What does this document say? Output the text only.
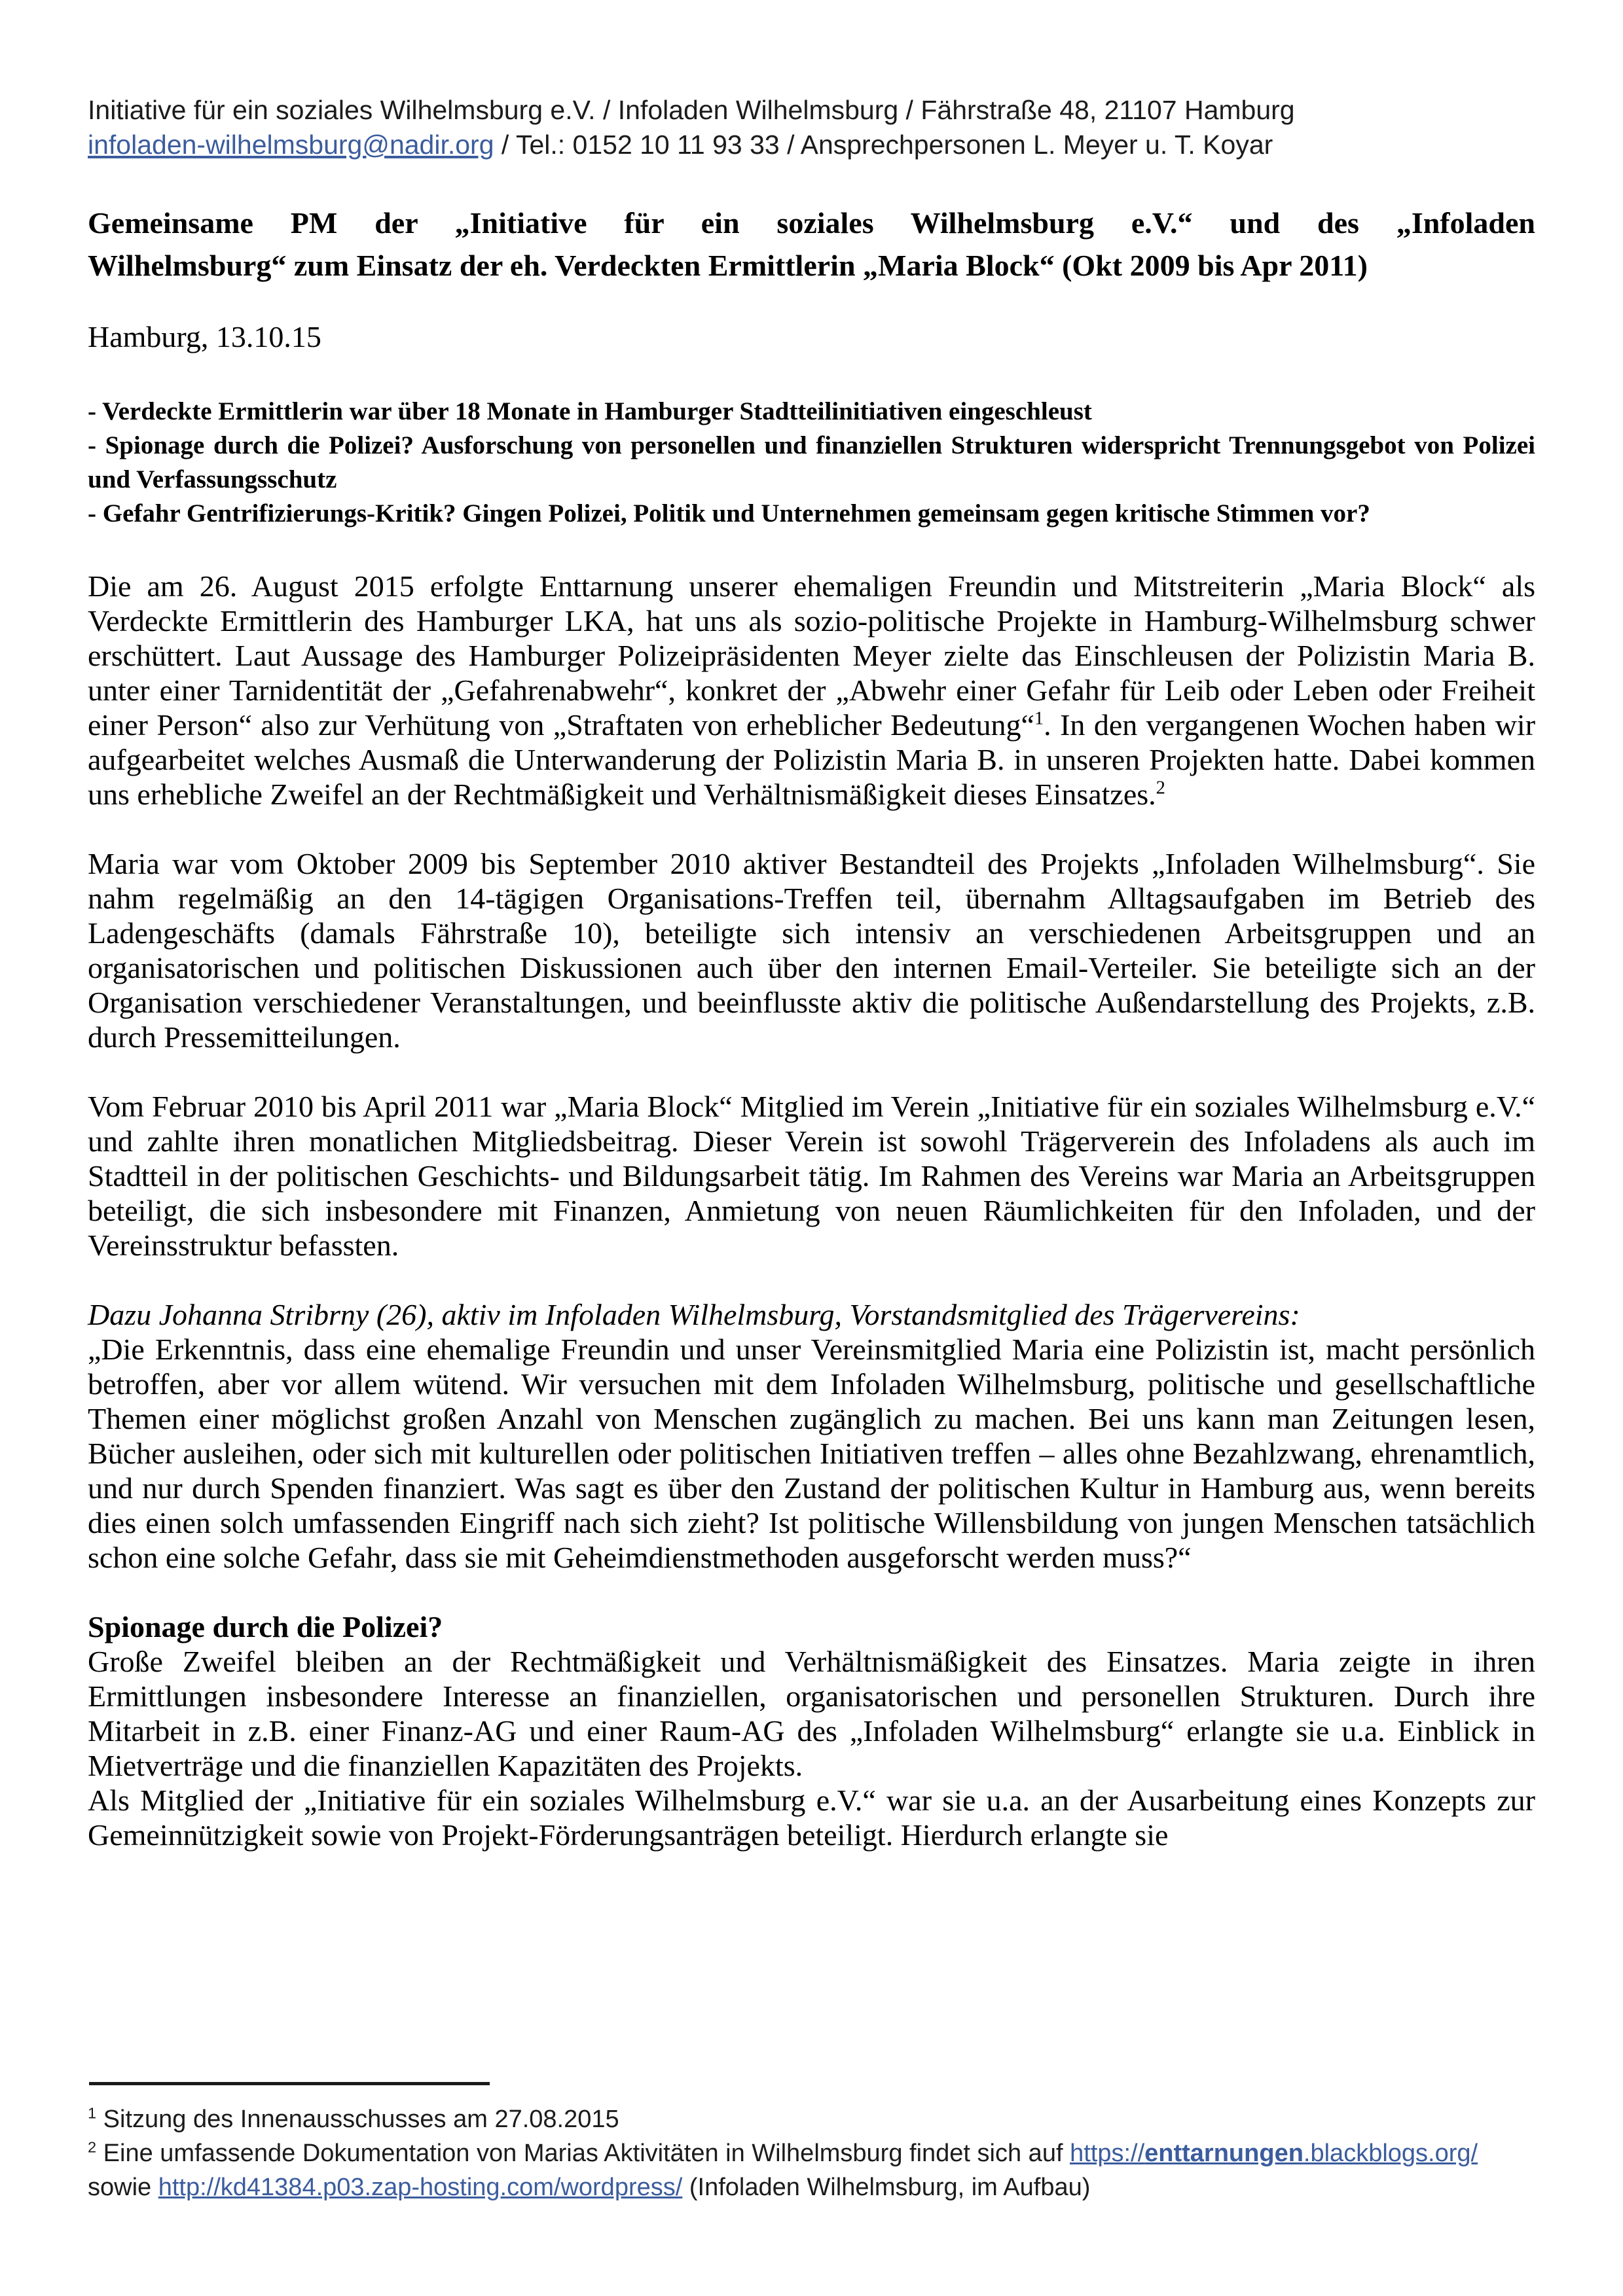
Initiative für ein soziales Wilhelmsburg e.V. / Infoladen Wilhelmsburg / Fährstraße 48, 21107 Hamburg
infoladen-wilhelmsburg@nadir.org / Tel.: 0152 10 11 93 33 / Ansprechpersonen L. Meyer u. T. Koyar
Gemeinsame PM der „Initiative für ein soziales Wilhelmsburg e.V.“ und des „Infoladen
Wilhelmsburg“ zum Einsatz der eh. Verdeckten Ermittlerin „Maria Block“ (Okt 2009 bis Apr 2011)
Hamburg, 13.10.15
- Verdeckte Ermittlerin war über 18 Monate in Hamburger Stadtteilinitiativen eingeschleust
- Spionage durch die Polizei? Ausforschung von personellen und finanziellen Strukturen widerspricht Trennungsgebot von Polizei und Verfassungsschutz
- Gefahr Gentrifizierungs-Kritik? Gingen Polizei, Politik und Unternehmen gemeinsam gegen kritische Stimmen vor?

Die am 26. August 2015 erfolgte Enttarnung unserer ehemaligen Freundin und Mitstreiterin „Maria Block“ als Verdeckte Ermittlerin des Hamburger LKA, hat uns als sozio-politische Projekte in Hamburg-Wilhelmsburg schwer erschüttert. Laut Aussage des Hamburger Polizeipräsidenten Meyer zielte das Einschleusen der Polizistin Maria B. unter einer Tarnidentität der „Gefahrenabwehr“, konkret der „Abwehr einer Gefahr für Leib oder Leben oder Freiheit einer Person“ also zur Verhütung von „Straftaten von erheblicher Bedeutung“$^1$. In den vergangenen Wochen haben wir aufgearbeitet welches Ausmaß die Unterwanderung der Polizistin Maria B. in unseren Projekten hatte. Dabei kommen uns erhebliche Zweifel an der Rechtmäßigkeit und Verhältnismäßigkeit dieses Einsatzes.$^2$

Maria war vom Oktober 2009 bis September 2010 aktiver Bestandteil des Projekts „Infoladen Wilhelmsburg“. Sie nahm regelmäßig an den 14-tägigen Organisations-Treffen teil, übernahm Alltagsaufgaben im Betrieb des Ladengeschäfts (damals Fährstraße 10), beteiligte sich intensiv an verschiedenen Arbeitsgruppen und an organisatorischen und politischen Diskussionen auch über den internen Email-Verteiler. Sie beteiligte sich an der Organisation verschiedener Veranstaltungen, und beeinflusste aktiv die politische Außendarstellung des Projekts, z.B. durch Pressemitteilungen.

Vom Februar 2010 bis April 2011 war „Maria Block“ Mitglied im Verein „Initiative für ein soziales Wilhelmsburg e.V.“ und zahlte ihren monatlichen Mitgliedsbeitrag. Dieser Verein ist sowohl Trägerverein des Infoladens als auch im Stadtteil in der politischen Geschichts- und Bildungsarbeit tätig. Im Rahmen des Vereins war Maria an Arbeitsgruppen beteiligt, die sich insbesondere mit Finanzen, Anmietung von neuen Räumlichkeiten für den Infoladen, und der Vereinsstruktur befassten.

Dazu Johanna Stribrny (26), aktiv im Infoladen Wilhelmsburg, Vorstandsmitglied des Trägervereins:

„Die Erkenntnis, dass eine ehemalige Freundin und unser Vereinsmitglied Maria eine Polizistin ist, macht persönlich betroffen, aber vor allem wütend. Wir versuchen mit dem Infoladen Wilhelmsburg, politische und gesellschaftliche Themen einer möglichst großen Anzahl von Menschen zugänglich zu machen. Bei uns kann man Zeitungen lesen, Bücher ausleihen, oder sich mit kulturellen oder politischen Initiativen treffen – alles ohne Bezahlzwang, ehrenamtlich, und nur durch Spenden finanziert. Was sagt es über den Zustand der politischen Kultur in Hamburg aus, wenn bereits dies einen solch umfassenden Eingriff nach sich zieht? Ist politische Willensbildung von jungen Menschen tatsächlich schon eine solche Gefahr, dass sie mit Geheimdienstmethoden ausgeforscht werden muss?“

Spionage durch die Polizei?

Große Zweifel bleiben an der Rechtmäßigkeit und Verhältnismäßigkeit des Einsatzes. Maria zeigte in ihren Ermittlungen insbesondere Interesse an finanziellen, organisatorischen und personellen Strukturen. Durch ihre Mitarbeit in z.B. einer Finanz-AG und einer Raum-AG des „Infoladen Wilhelmsburg“ erlangte sie u.a. Einblick in Mietverträge und die finanziellen Kapazitäten des Projekts.

Als Mitglied der „Initiative für ein soziales Wilhelmsburg e.V.“ war sie u.a. an der Ausarbeitung eines Konzepts zur Gemeinnützigkeit sowie von Projekt-Förderungsanträgen beteiligt. Hierdurch erlangte sie

$^1$ Sitzung des Innenausschusses am 27.08.2015
$^2$ Eine umfassende Dokumentation von Marias Aktivitäten in Wilhelmsburg findet sich auf https://enttarnungen.blackblogs.org/ sowie http://kd41384.p03.zap-hosting.com/wordpress/ (Infoladen Wilhelmsburg, im Aufbau)
